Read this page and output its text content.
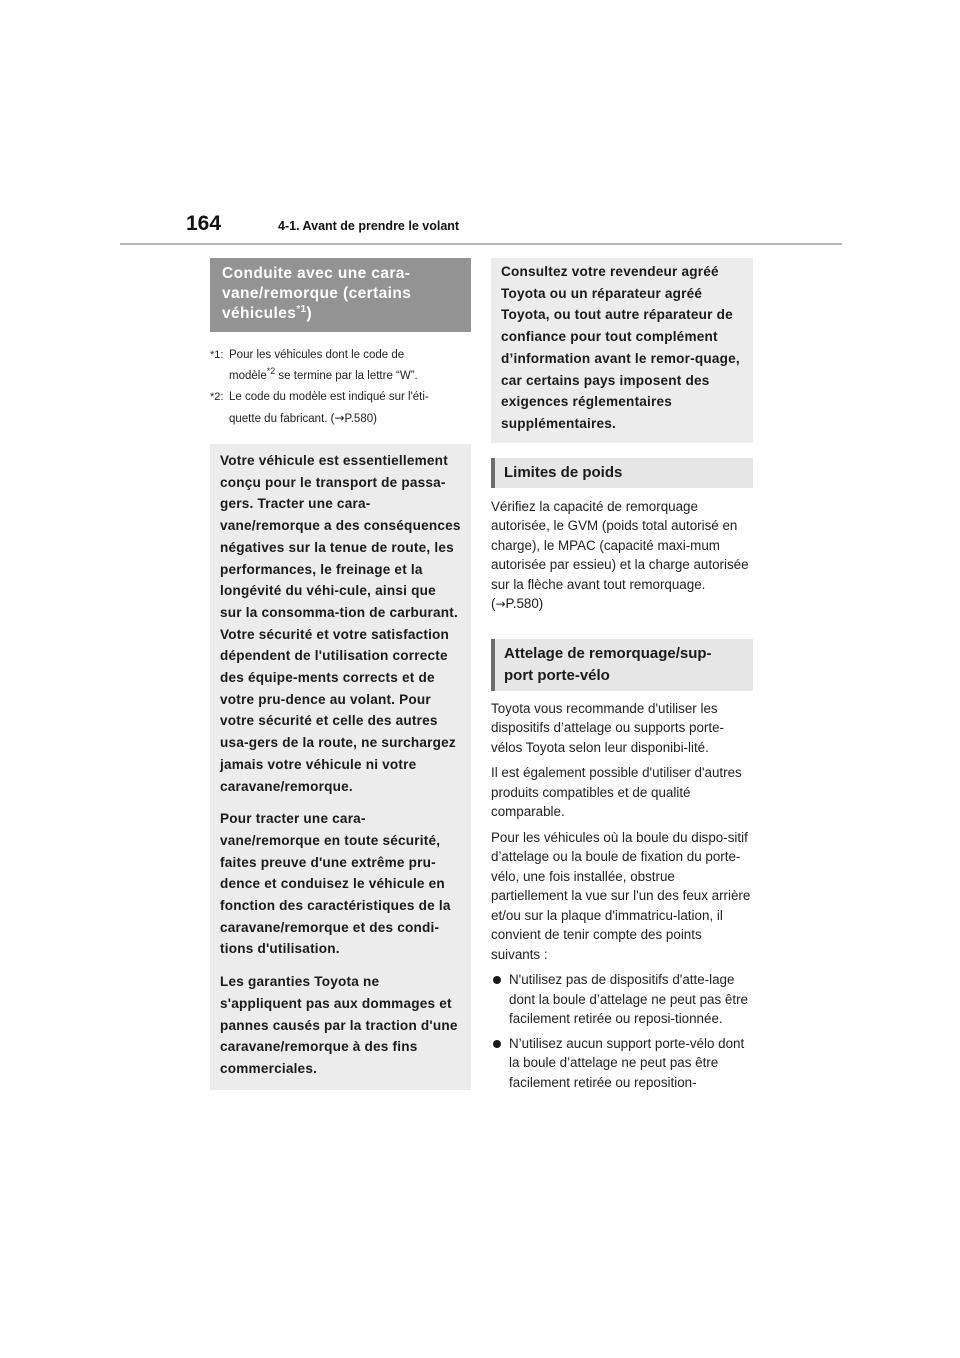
164	4-1. Avant de prendre le volant
Conduite avec une cara-
vane/remorque (certains
véhicules$^{*1}$)
*1: Pour les véhicules dont le code de
modèle$^{*2}$ se termine par la lettre “W”.
*2: Le code du modèle est indiqué sur l'éti-
quette du fabricant. (→P.580)

Votre véhicule est essentiellement conçu pour le transport de passa-gers. Tracter une cara-vane/remorque a des conséquences négatives sur la tenue de route, les performances, le freinage et la longévité du véhi-cule, ainsi que sur la consomma-tion de carburant. Votre sécurité et votre satisfaction dépendent de l'utilisation correcte des équipe-ments corrects et de votre pru-dence au volant. Pour votre sécurité et celle des autres usa-gers de la route, ne surchargez jamais votre véhicule ni votre caravane/remorque.

Pour tracter une cara-vane/remorque en toute sécurité, faites preuve d'une extrême pru-dence et conduisez le véhicule en fonction des caractéristiques de la caravane/remorque et des condi-tions d'utilisation.

Les garanties Toyota ne s'appliquent pas aux dommages et pannes causés par la traction d'une caravane/remorque à des fins commerciales.

Consultez votre revendeur agréé Toyota ou un réparateur agréé Toyota, ou tout autre réparateur de confiance pour tout complément d’information avant le remor-quage, car certains pays imposent des exigences réglementaires supplémentaires.

Limites de poids

Vérifiez la capacité de remorquage autorisée, le GVM (poids total autorisé en charge), le MPAC (capacité maxi-mum autorisée par essieu) et la charge autorisée sur la flèche avant tout remorquage. (→P.580)

Attelage de remorquage/sup-
port porte-vélo

Toyota vous recommande d'utiliser les dispositifs d’attelage ou supports porte-vélos Toyota selon leur disponibi-lité.

Il est également possible d'utiliser d'autres produits compatibles et de qualité comparable.

Pour les véhicules où la boule du dispo-sitif d’attelage ou la boule de fixation du porte-vélo, une fois installée, obstrue partiellement la vue sur l'un des feux arrière et/ou sur la plaque d'immatricu-lation, il convient de tenir compte des points suivants :

N'utilisez pas de dispositifs d'atte-lage dont la boule d’attelage ne peut pas être facilement retirée ou reposi-tionnée.
N’utilisez aucun support porte-vélo dont la boule d’attelage ne peut pas être facilement retirée ou reposition-
